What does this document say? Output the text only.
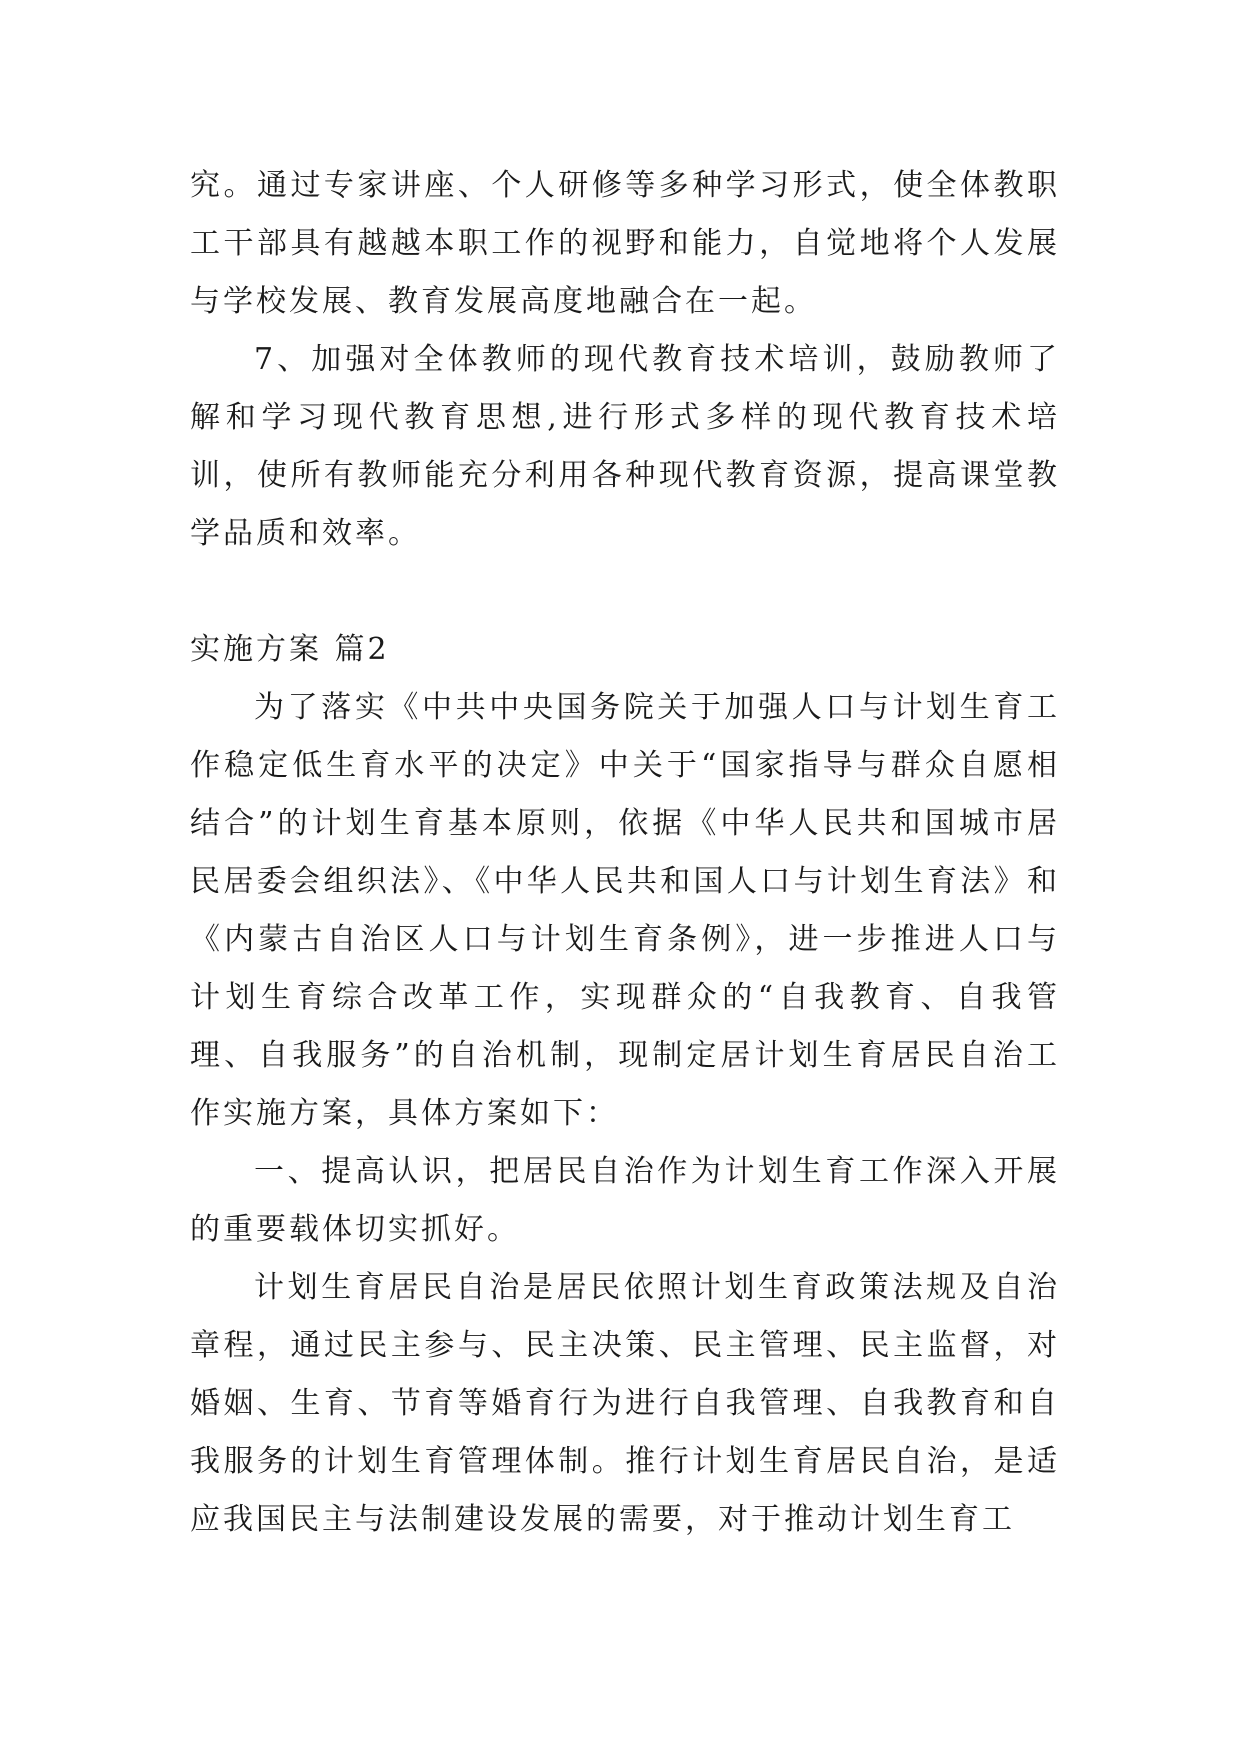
究。通过专家讲座、个人研修等多种学习形式，使全体教职工干部具有越越本职工作的视野和能力，自觉地将个人发展与学校发展、教育发展高度地融合在一起。

7、加强对全体教师的现代教育技术培训，鼓励教师了解和学习现代教育思想,进行形式多样的现代教育技术培训，使所有教师能充分利用各种现代教育资源，提高课堂教学品质和效率。

实施方案 篇2

为了落实《中共中央国务院关于加强人口与计划生育工作稳定低生育水平的决定》中关于“国家指导与群众自愿相结合”的计划生育基本原则，依据《中华人民共和国城市居民居委会组织法》、《中华人民共和国人口与计划生育法》和《内蒙古自治区人口与计划生育条例》，进一步推进人口与计划生育综合改革工作，实现群众的“自我教育、自我管理、自我服务”的自治机制，现制定居计划生育居民自治工作实施方案，具体方案如下：

一、提高认识，把居民自治作为计划生育工作深入开展的重要载体切实抓好。

计划生育居民自治是居民依照计划生育政策法规及自治章程，通过民主参与、民主决策、民主管理、民主监督，对婚姻、生育、节育等婚育行为进行自我管理、自我教育和自我服务的计划生育管理体制。推行计划生育居民自治，是适应我国民主与法制建设发展的需要，对于推动计划生育工
